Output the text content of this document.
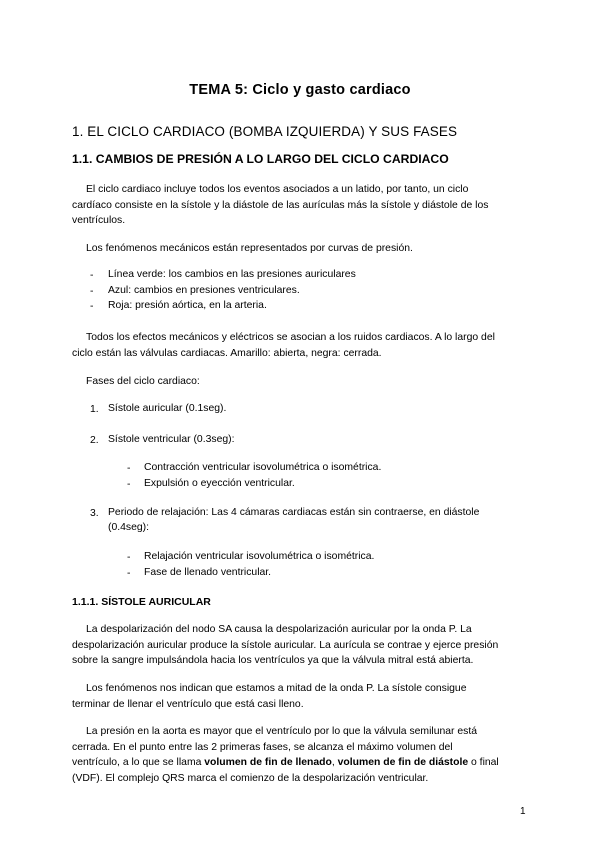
TEMA 5: Ciclo y gasto cardiaco
1. EL CICLO CARDIACO (BOMBA IZQUIERDA) Y SUS FASES
1.1. CAMBIOS DE PRESIÓN A LO LARGO DEL CICLO CARDIACO
El ciclo cardiaco incluye todos los eventos asociados a un latido, por tanto, un ciclo
cardíaco consiste en la sístole y la diástole de las aurículas más la sístole y diástole de los
ventrículos.
Los fenómenos mecánicos están representados por curvas de presión.
- Línea verde: los cambios en las presiones auriculares
- Azul: cambios en presiones ventriculares.
- Roja: presión aórtica, en la arteria.
Todos los efectos mecánicos y eléctricos se asocian a los ruidos cardiacos. A lo largo del
ciclo están las válvulas cardiacas. Amarillo: abierta, negra: cerrada.
Fases del ciclo cardiaco:
1. Sístole auricular (0.1seg).
2. Sístole ventricular (0.3seg):
- Contracción ventricular isovolumétrica o isométrica.
- Expulsión o eyección ventricular.
3. Periodo de relajación: Las 4 cámaras cardiacas están sin contraerse, en diástole
(0.4seg):
- Relajación ventricular isovolumétrica o isométrica.
- Fase de llenado ventricular.
1.1.1. SÍSTOLE AURICULAR
La despolarización del nodo SA causa la despolarización auricular por la onda P. La
despolarización auricular produce la sístole auricular. La aurícula se contrae y ejerce presión
sobre la sangre impulsándola hacia los ventrículos ya que la válvula mitral está abierta.
Los fenómenos nos indican que estamos a mitad de la onda P. La sístole consigue
terminar de llenar el ventrículo que está casi lleno.
La presión en la aorta es mayor que el ventrículo por lo que la válvula semilunar está
cerrada. En el punto entre las 2 primeras fases, se alcanza el máximo volumen del
ventrículo, a lo que se llama volumen de fin de llenado, volumen de fin de diástole o final
(VDF). El complejo QRS marca el comienzo de la despolarización ventricular.
1
